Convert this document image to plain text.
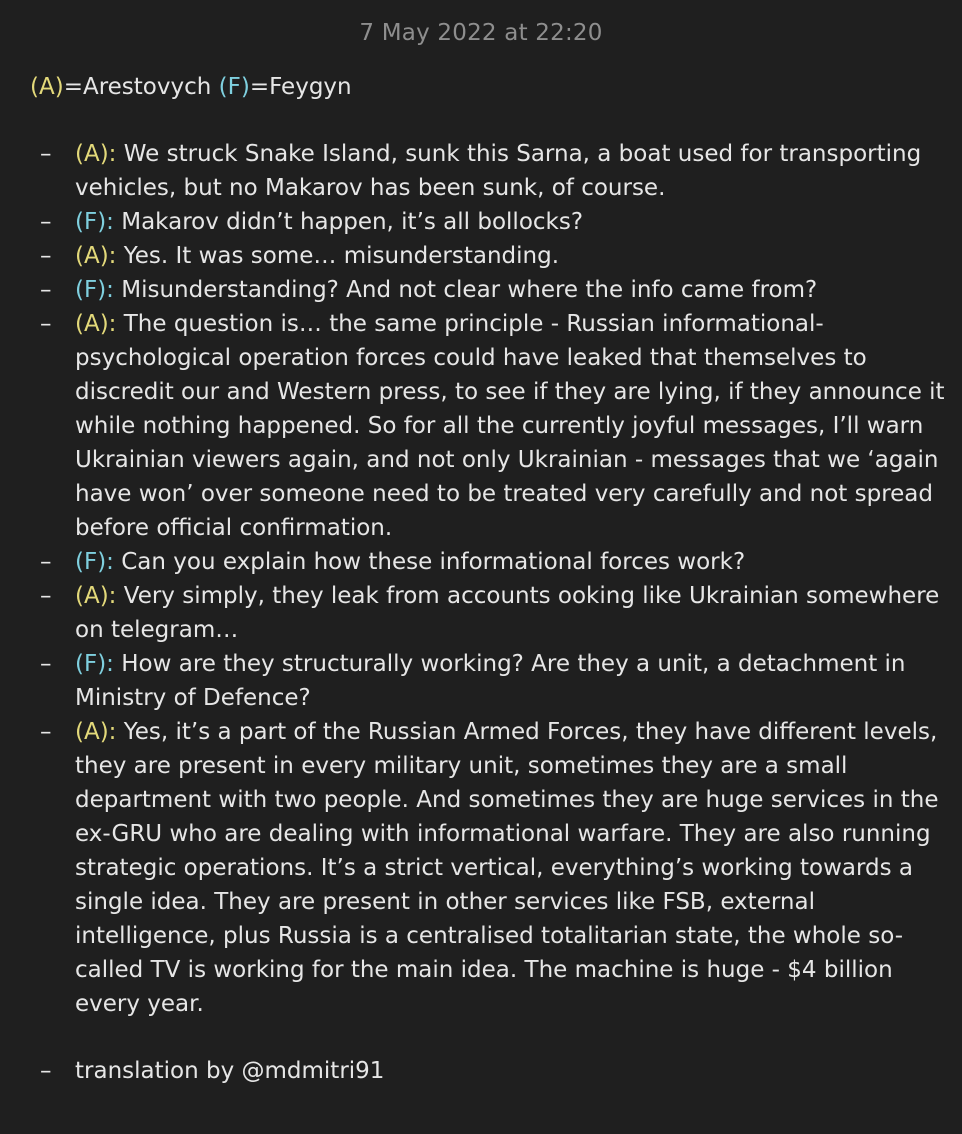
7 May 2022 at 22:20
(A)=Arestovych (F)=Feygyn
–	(A): We struck Snake Island, sunk this Sarna, a boat used for transporting vehicles, but no Makarov has been sunk, of course.
–	(F): Makarov didn’t happen, it’s all bollocks?
–	(A): Yes. It was some… misunderstanding.
–	(F): Misunderstanding? And not clear where the info came from?
–	(A): The question is… the same principle - Russian informational-psychological operation forces could have leaked that themselves to discredit our and Western press, to see if they are lying, if they announce it while nothing happened. So for all the currently joyful messages, I’ll warn Ukrainian viewers again, and not only Ukrainian - messages that we ‘again have won’ over someone need to be treated very carefully and not spread before official confirmation.
–	(F): Can you explain how these informational forces work?
–	(A): Very simply, they leak from accounts ooking like Ukrainian somewhere on telegram…
–	(F): How are they structurally working? Are they a unit, a detachment in Ministry of Defence?
–	(A): Yes, it’s a part of the Russian Armed Forces, they have different levels, they are present in every military unit, sometimes they are a small department with two people. And sometimes they are huge services in the ex-GRU who are dealing with informational warfare. They are also running strategic operations. It’s a strict vertical, everything’s working towards a single idea. They are present in other services like FSB, external intelligence, plus Russia is a centralised totalitarian state, the whole so-called TV is working for the main idea. The machine is huge - $4 billion every year.
– translation by @mdmitri91
